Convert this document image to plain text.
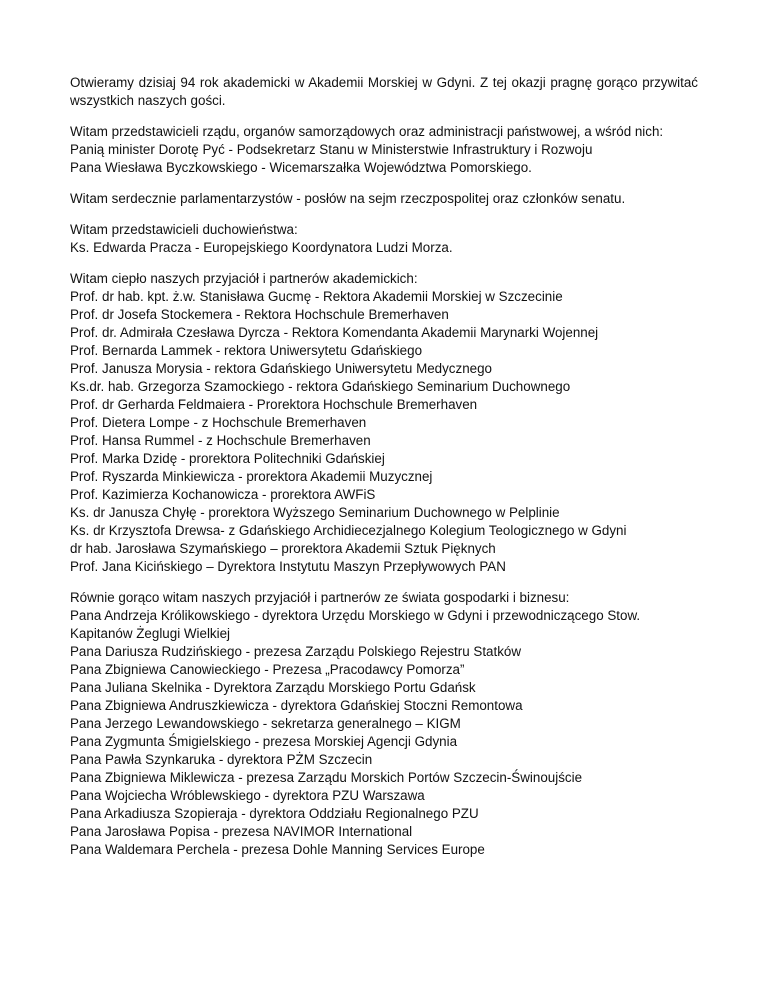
Otwieramy dzisiaj 94 rok akademicki w Akademii Morskiej w Gdyni. Z tej okazji pragnę gorąco przywitać wszystkich naszych gości.
Witam przedstawicieli rządu, organów samorządowych oraz administracji państwowej, a wśród nich:
Panią minister Dorotę Pyć - Podsekretarz Stanu w Ministerstwie Infrastruktury i Rozwoju
Pana Wiesława Byczkowskiego - Wicemarszałka Województwa Pomorskiego.
Witam serdecznie parlamentarzystów - posłów na sejm rzeczpospolitej oraz członków senatu.
Witam przedstawicieli duchowieństwa:
Ks. Edwarda Pracza - Europejskiego Koordynatora Ludzi Morza.
Witam ciepło naszych przyjaciół i partnerów akademickich:
Prof. dr hab. kpt. ż.w. Stanisława Gucmę - Rektora Akademii Morskiej w Szczecinie
Prof. dr Josefa Stockemera - Rektora Hochschule Bremerhaven
Prof. dr. Admirała Czesława Dyrcza - Rektora Komendanta Akademii Marynarki Wojennej
Prof. Bernarda Lammek - rektora Uniwersytetu Gdańskiego
Prof. Janusza Morysia - rektora Gdańskiego Uniwersytetu Medycznego
Ks.dr. hab. Grzegorza Szamockiego - rektora Gdańskiego Seminarium Duchownego
Prof. dr Gerharda Feldmaiera - Prorektora Hochschule Bremerhaven
Prof. Dietera Lompe - z Hochschule Bremerhaven
Prof. Hansa Rummel - z Hochschule Bremerhaven
Prof. Marka Dzidę - prorektora Politechniki Gdańskiej
Prof. Ryszarda Minkiewicza - prorektora Akademii Muzycznej
Prof. Kazimierza Kochanowicza - prorektora AWFiS
Ks. dr Janusza Chyłę - prorektora Wyższego Seminarium Duchownego w Pelplinie
Ks. dr Krzysztofa Drewsa- z Gdańskiego Archidiecezjalnego Kolegium Teologicznego w Gdyni
dr hab. Jarosława Szymańskiego – prorektora Akademii Sztuk Pięknych
Prof. Jana Kicińskiego – Dyrektora Instytutu Maszyn Przepływowych PAN
Równie gorąco witam naszych przyjaciół i partnerów ze świata gospodarki i biznesu:
Pana Andrzeja Królikowskiego - dyrektora Urzędu Morskiego w Gdyni i przewodniczącego Stow. Kapitanów Żeglugi Wielkiej
Pana Dariusza Rudzińskiego - prezesa Zarządu Polskiego Rejestru Statków
Pana Zbigniewa Canowieckiego - Prezesa „Pracodawcy Pomorza”
Pana Juliana Skelnika - Dyrektora Zarządu Morskiego Portu Gdańsk
Pana Zbigniewa Andruszkiewicza - dyrektora Gdańskiej Stoczni Remontowa
Pana Jerzego Lewandowskiego - sekretarza generalnego – KIGM
Pana Zygmunta Śmigielskiego - prezesa Morskiej Agencji Gdynia
Pana Pawła Szynkaruka - dyrektora PŻM Szczecin
Pana Zbigniewa Miklewicza - prezesa Zarządu Morskich Portów Szczecin-Świnoujście
Pana Wojciecha Wróblewskiego - dyrektora PZU Warszawa
Pana Arkadiusza Szopieraja - dyrektora Oddziału Regionalnego PZU
Pana Jarosława Popisa - prezesa NAVIMOR International
Pana Waldemara Perchela - prezesa Dohle Manning Services Europe
